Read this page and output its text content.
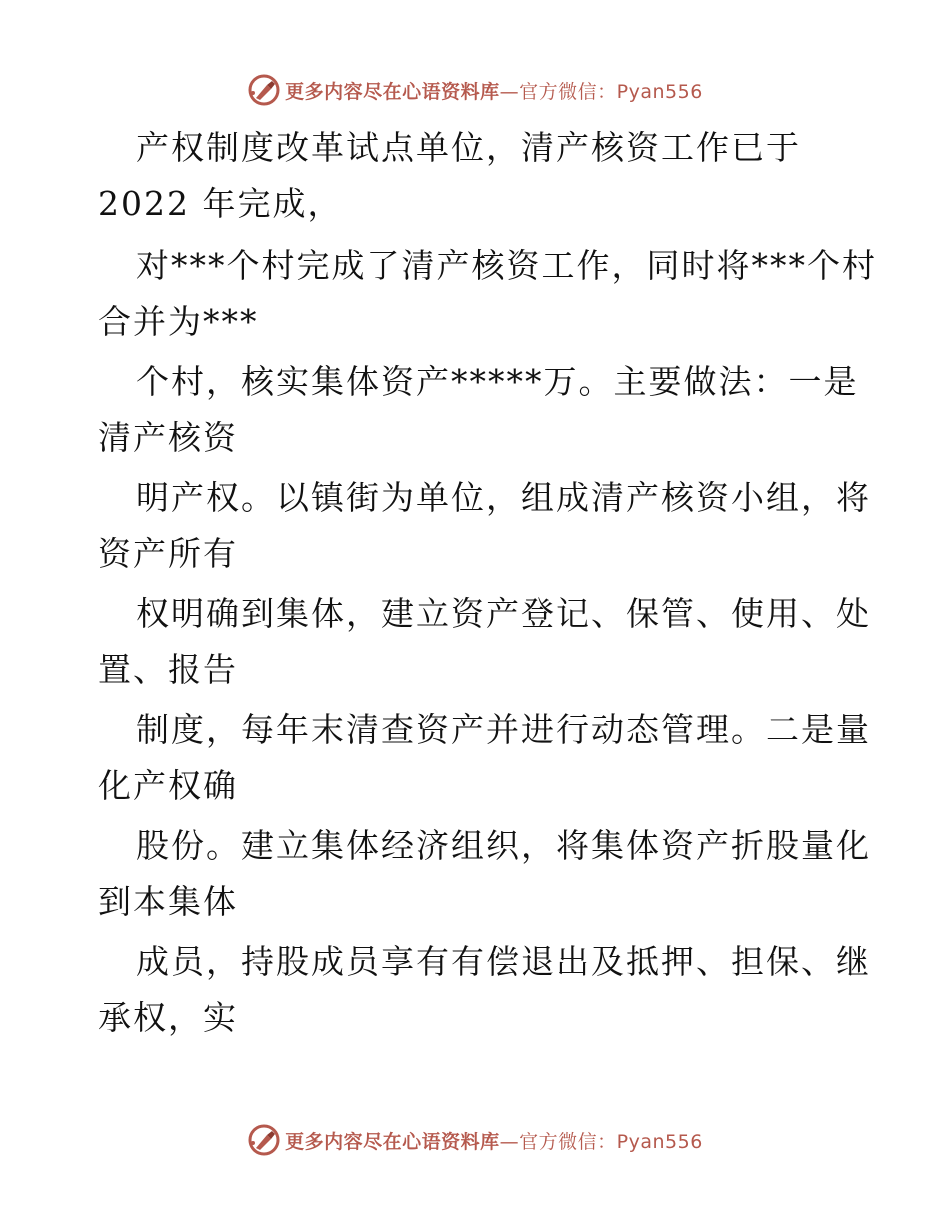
更多内容尽在心语资料库—官方微信：Pyan556
产权制度改革试点单位，清产核资工作已于
2022 年完成，
对***个村完成了清产核资工作，同时将***个村
合并为***
个村，核实集体资产*****万。主要做法：一是
清产核资
明产权。以镇街为单位，组成清产核资小组，将
资产所有
权明确到集体，建立资产登记、保管、使用、处
置、报告
制度，每年末清查资产并进行动态管理。二是量
化产权确
股份。建立集体经济组织，将集体资产折股量化
到本集体
成员，持股成员享有有偿退出及抵押、担保、继
承权，实
更多内容尽在心语资料库—官方微信：Pyan556
